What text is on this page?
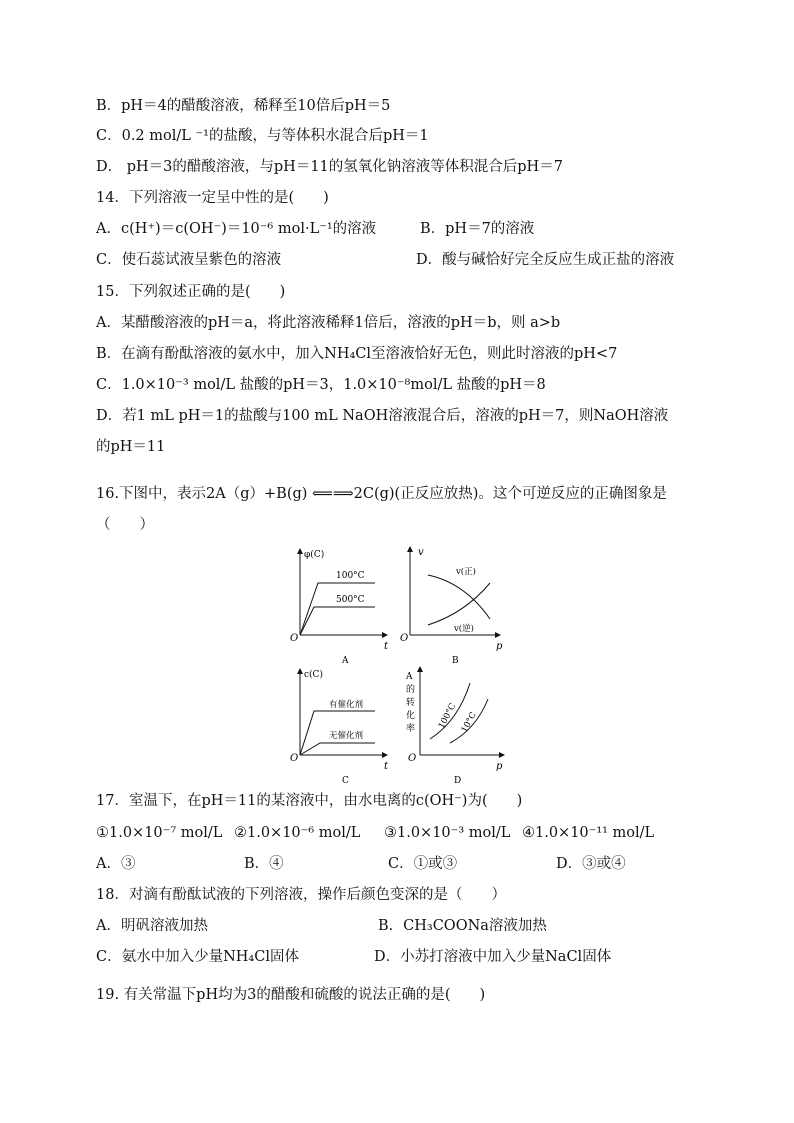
B．pH＝4的醋酸溶液，稀释至10倍后pH＝5
C．0.2 mol/L ⁻¹的盐酸，与等体积水混合后pH＝1
D． pH＝3的醋酸溶液，与pH＝11的氢氧化钠溶液等体积混合后pH＝7
14．下列溶液一定呈中性的是(　　)
A．c(H⁺)＝c(OH⁻)＝10⁻⁶ mol·L⁻¹的溶液	B．pH＝7的溶液
C．使石蕊试液呈紫色的溶液	D．酸与碱恰好完全反应生成正盐的溶液
15．下列叙述正确的是(　　)
A．某醋酸溶液的pH＝a，将此溶液稀释1倍后，溶液的pH＝b，则 a>b
B．在滴有酚酞溶液的氨水中，加入NH₄Cl至溶液恰好无色，则此时溶液的pH<7
C．1.0×10⁻³ mol/L 盐酸的pH＝3，1.0×10⁻⁸mol/L 盐酸的pH＝8
D．若1 mL pH＝1的盐酸与100 mL NaOH溶液混合后，溶液的pH＝7，则NaOH溶液
的pH＝11
16.下图中，表示2A（g）+B(g) ⟸⟹2C(g)(正反应放热)。这个可逆反应的正确图象是
（　　）
φ(C)
t
O
100°C
500°C
A
v
p
O
v(正)
v(逆)
B
c(C)
t
O
有催化剂
无催化剂
C
A
的
转
化
率
p
O
100°C 10°C
D
17．室温下，在pH＝11的某溶液中，由水电离的c(OH⁻)为(　　)
①1.0×10⁻⁷ mol/L ②1.0×10⁻⁶ mol/L ③1.0×10⁻³ mol/L ④1.0×10⁻¹¹ mol/L
A．③	B．④	C．①或③	D．③或④
18．对滴有酚酞试液的下列溶液，操作后颜色变深的是（　　）
A．明矾溶液加热	B．CH₃COONa溶液加热
C．氨水中加入少量NH₄Cl固体	D．小苏打溶液中加入少量NaCl固体
19. 有关常温下pH均为3的醋酸和硫酸的说法正确的是(　　)
